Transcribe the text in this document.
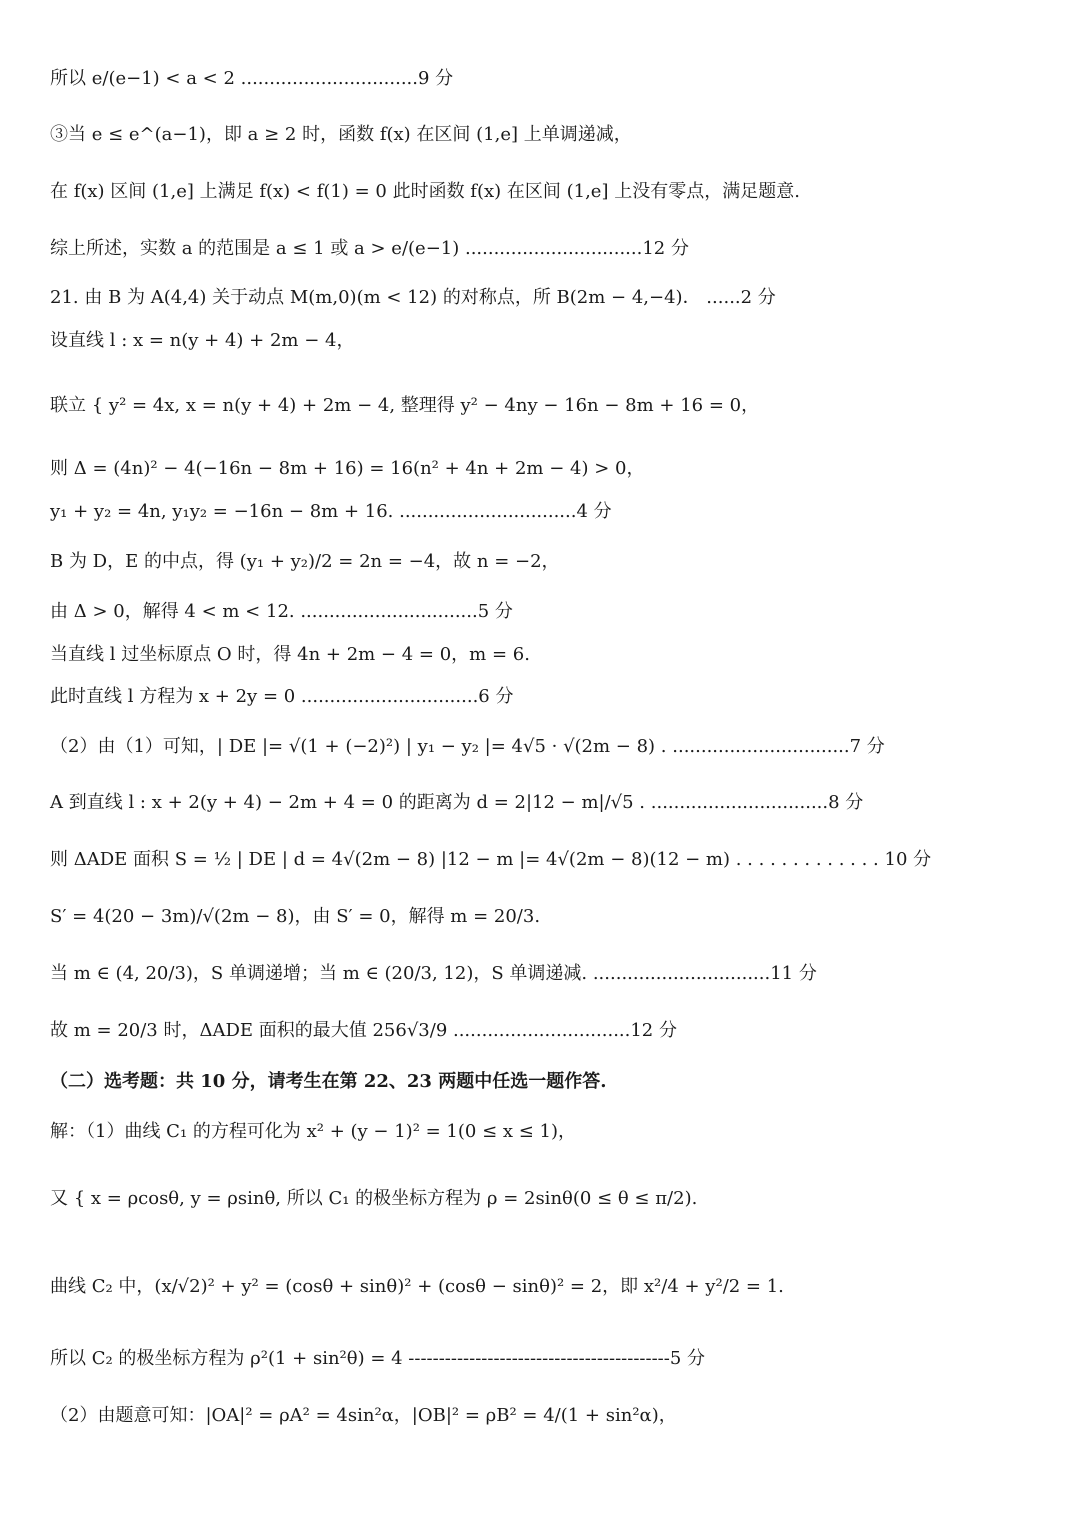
所以 e/(e−1) < a < 2 ...............................9 分
③当 e ≤ e^(a−1)，即 a ≥ 2 时，函数 f(x) 在区间 (1,e] 上单调递减，
在 f(x) 区间 (1,e] 上满足 f(x) < f(1) = 0 此时函数 f(x) 在区间 (1,e] 上没有零点，满足题意.
综上所述，实数 a 的范围是 a ≤ 1 或 a > e/(e−1) ...............................12 分
21. 由 B 为 A(4,4) 关于动点 M(m,0)(m < 12) 的对称点，所 B(2m − 4,−4)． ......2 分
设直线 l : x = n(y + 4) + 2m − 4，
联立 { y² = 4x, x = n(y + 4) + 2m − 4, 整理得 y² − 4ny − 16n − 8m + 16 = 0，
则 Δ = (4n)² − 4(−16n − 8m + 16) = 16(n² + 4n + 2m − 4) > 0，
y₁ + y₂ = 4n, y₁y₂ = −16n − 8m + 16. ...............................4 分
B 为 D，E 的中点，得 (y₁ + y₂)/2 = 2n = −4，故 n = −2，
由 Δ > 0，解得 4 < m < 12. ...............................5 分
当直线 l 过坐标原点 O 时，得 4n + 2m − 4 = 0，m = 6.
此时直线 l 方程为 x + 2y = 0 ...............................6 分
（2）由（1）可知，| DE |= √(1 + (−2)²) | y₁ − y₂ |= 4√5 · √(2m − 8) . ...............................7 分
A 到直线 l : x + 2(y + 4) − 2m + 4 = 0 的距离为 d = 2|12 − m|/√5 . ...............................8 分
则 ΔADE 面积 S = ½ | DE | d = 4√(2m − 8) |12 − m |= 4√(2m − 8)(12 − m) . . . . . . . . . . . . . 10 分
S′ = 4(20 − 3m)/√(2m − 8)，由 S′ = 0，解得 m = 20/3.
当 m ∈ (4, 20/3)，S 单调递增；当 m ∈ (20/3, 12)，S 单调递减. ...............................11 分
故 m = 20/3 时，ΔADE 面积的最大值 256√3/9 ...............................12 分
（二）选考题：共 10 分，请考生在第 22、23 两题中任选一题作答.
解：（1）曲线 C₁ 的方程可化为 x² + (y − 1)² = 1(0 ≤ x ≤ 1)，
又 { x = ρcosθ, y = ρsinθ, 所以 C₁ 的极坐标方程为 ρ = 2sinθ(0 ≤ θ ≤ π/2).
曲线 C₂ 中，(x/√2)² + y² = (cosθ + sinθ)² + (cosθ − sinθ)² = 2，即 x²/4 + y²/2 = 1.
所以 C₂ 的极坐标方程为 ρ²(1 + sin²θ) = 4 -------------------------------------------5 分
（2）由题意可知：|OA|² = ρA² = 4sin²α，|OB|² = ρB² = 4/(1 + sin²α)，
